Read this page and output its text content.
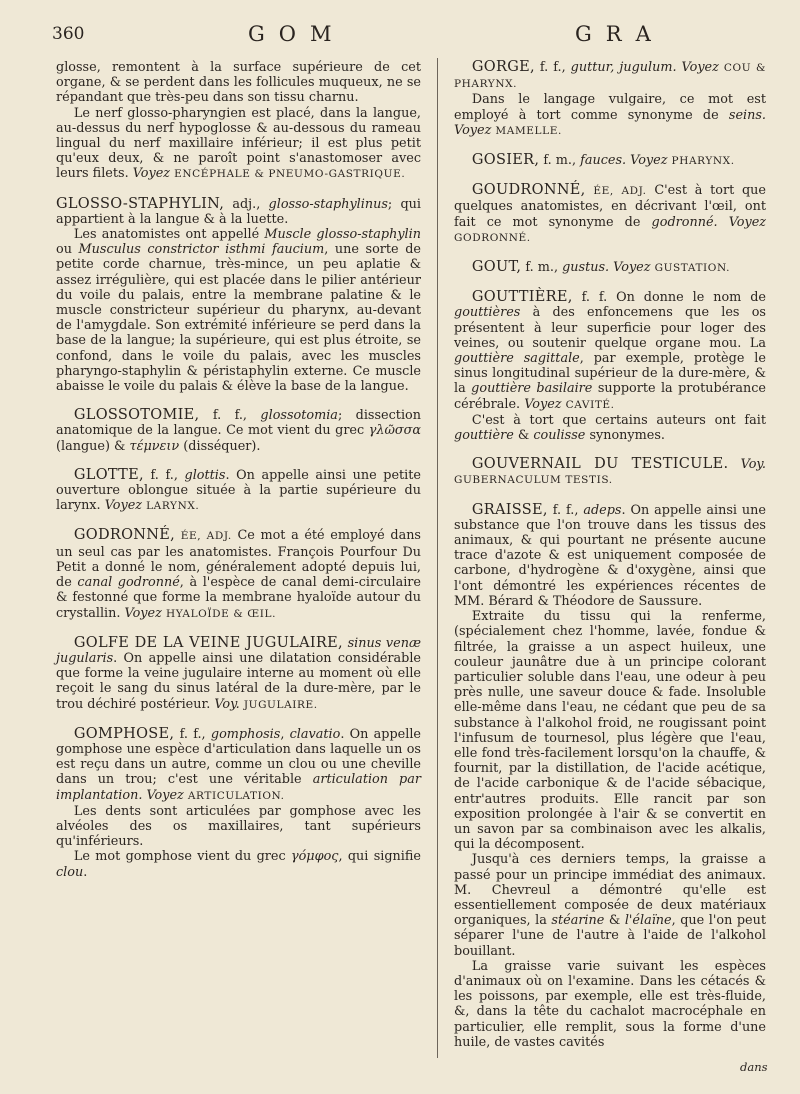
360	GOM	GRA

glosse, remontent à la surface supérieure de cet organe, & se perdent dans les follicules muqueux, ne se répandant que très-peu dans son tissu charnu.

Le nerf glosso-pharyngien est placé, dans la langue, au-dessus du nerf hypoglosse & au-dessous du rameau lingual du nerf maxillaire inférieur; il est plus petit qu'eux deux, & ne paroît point s'anastomoser avec leurs filets. Voyez ENCÉPHALE & PNEUMO-GASTRIQUE.

GLOSSO-STAPHYLIN, adj., glosso-staphylinus; qui appartient à la langue & à la luette.

Les anatomistes ont appellé Muscle glosso-staphylin ou Musculus constrictor isthmi faucium, une sorte de petite corde charnue, très-mince, un peu aplatie & assez irrégulière, qui est placée dans le pilier antérieur du voile du palais, entre la membrane palatine & le muscle constricteur supérieur du pharynx, au-devant de l'amygdale. Son extrémité inférieure se perd dans la base de la langue; la supérieure, qui est plus étroite, se confond, dans le voile du palais, avec les muscles pharyngo-staphylin & péristaphylin externe. Ce muscle abaisse le voile du palais & élève la base de la langue.

GLOSSOTOMIE, f. f., glossotomia; dissection anatomique de la langue. Ce mot vient du grec γλῶσσα (langue) & τέμνειν (disséquer).

GLOTTE, f. f., glottis. On appelle ainsi une petite ouverture oblongue située à la partie supérieure du larynx. Voyez LARYNX.

GODRONNÉ, ÉE, ADJ. Ce mot a été employé dans un seul cas par les anatomistes. François Pourfour Du Petit a donné le nom, généralement adopté depuis lui, de canal godronné, à l'espèce de canal demi-circulaire & festonné que forme la membrane hyaloïde autour du crystallin. Voyez HYALOÏDE & ŒIL.

GOLFE DE LA VEINE JUGULAIRE, sinus venæ jugularis. On appelle ainsi une dilatation considérable que forme la veine jugulaire interne au moment où elle reçoit le sang du sinus latéral de la dure-mère, par le trou déchiré postérieur. Voy. JUGULAIRE.

GOMPHOSE, f. f., gomphosis, clavatio. On appelle gomphose une espèce d'articulation dans laquelle un os est reçu dans un autre, comme un clou ou une cheville dans un trou; c'est une véritable articulation par implantation. Voyez ARTICULATION.

Les dents sont articulées par gomphose avec les alvéoles des os maxillaires, tant supérieurs qu'inférieurs.

Le mot gomphose vient du grec γόμφος, qui signifie clou.

GORGE, f. f., guttur, jugulum. Voyez COU & PHARYNX.

Dans le langage vulgaire, ce mot est employé à tort comme synonyme de seins. Voyez MAMELLE.

GOSIER, f. m., fauces. Voyez PHARYNX.

GOUDRONNÉ, ÉE, ADJ. C'est à tort que quelques anatomistes, en décrivant l'œil, ont fait ce mot synonyme de godronné. Voyez GODRONNÉ.

GOUT, f. m., gustus. Voyez GUSTATION.

GOUTTIÈRE, f. f. On donne le nom de gouttières à des enfoncemens que les os présentent à leur superficie pour loger des veines, ou soutenir quelque organe mou. La gouttière sagittale, par exemple, protège le sinus longitudinal supérieur de la dure-mère, & la gouttière basilaire supporte la protubérance cérébrale. Voyez CAVITÉ.

C'est à tort que certains auteurs ont fait gouttière & coulisse synonymes.

GOUVERNAIL DU TESTICULE. Voy. GUBERNACULUM TESTIS.

GRAISSE, f. f., adeps. On appelle ainsi une substance que l'on trouve dans les tissus des animaux, & qui pourtant ne présente aucune trace d'azote & est uniquement composée de carbone, d'hydrogène & d'oxygène, ainsi que l'ont démontré les expériences récentes de MM. Bérard & Théodore de Saussure.

Extraite du tissu qui la renferme, (spécialement chez l'homme, lavée, fondue & filtrée, la graisse a un aspect huileux, une couleur jaunâtre due à un principe colorant particulier soluble dans l'eau, une odeur à peu près nulle, une saveur douce & fade. Insoluble elle-même dans l'eau, ne cédant que peu de sa substance à l'alkohol froid, ne rougissant point l'infusum de tournesol, plus légère que l'eau, elle fond très-facilement lorsqu'on la chauffe, & fournit, par la distillation, de l'acide acétique, de l'acide carbonique & de l'acide sébacique, entr'autres produits. Elle rancit par son exposition prolongée à l'air & se convertit en un savon par sa combinaison avec les alkalis, qui la décomposent.

Jusqu'à ces derniers temps, la graisse a passé pour un principe immédiat des animaux. M. Chevreul a démontré qu'elle est essentiellement composée de deux matériaux organiques, la stéarine & l'élaïne, que l'on peut séparer l'une de l'autre à l'aide de l'alkohol bouillant.

La graisse varie suivant les espèces d'animaux où on l'examine. Dans les cétacés & les poissons, par exemple, elle est très-fluide, &, dans la tête du cachalot macrocéphale en particulier, elle remplit, sous la forme d'une huile, de vastes cavités

dans
